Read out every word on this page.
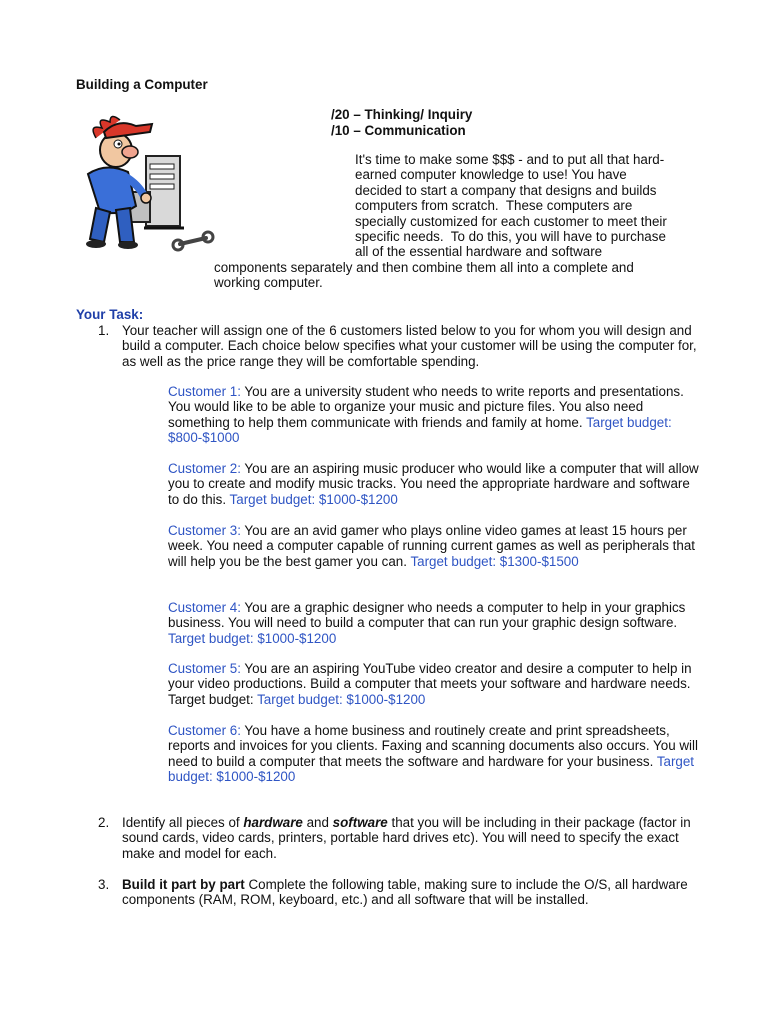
Building a Computer
/20 – Thinking/ Inquiry
/10 – Communication
It's time to make some $$$ - and to put all that hard-
earned computer knowledge to use! You have
decided to start a company that designs and builds
computers from scratch.  These computers are
specially customized for each customer to meet their
specific needs.  To do this, you will have to purchase
all of the essential hardware and software
components separately and then combine them all into a complete and
working computer.
Your Task:
1. Your teacher will assign one of the 6 customers listed below to you for whom you will design and build a computer. Each choice below specifies what your customer will be using the computer for, as well as the price range they will be comfortable spending.
Customer 1: You are a university student who needs to write reports and presentations. You would like to be able to organize your music and picture files. You also need something to help them communicate with friends and family at home. Target budget: $800-$1000
Customer 2: You are an aspiring music producer who would like a computer that will allow you to create and modify music tracks. You need the appropriate hardware and software to do this. Target budget: $1000-$1200
Customer 3: You are an avid gamer who plays online video games at least 15 hours per week. You need a computer capable of running current games as well as peripherals that will help you be the best gamer you can. Target budget: $1300-$1500
Customer 4: You are a graphic designer who needs a computer to help in your graphics business. You will need to build a computer that can run your graphic design software. Target budget: $1000-$1200
Customer 5: You are an aspiring YouTube video creator and desire a computer to help in your video productions. Build a computer that meets your software and hardware needs. Target budget: Target budget: $1000-$1200
Customer 6: You have a home business and routinely create and print spreadsheets, reports and invoices for you clients. Faxing and scanning documents also occurs. You will need to build a computer that meets the software and hardware for your business. Target budget: $1000-$1200
2. Identify all pieces of hardware and software that you will be including in their package (factor in sound cards, video cards, printers, portable hard drives etc). You will need to specify the exact make and model for each.
3. Build it part by part Complete the following table, making sure to include the O/S, all hardware components (RAM, ROM, keyboard, etc.) and all software that will be installed.
